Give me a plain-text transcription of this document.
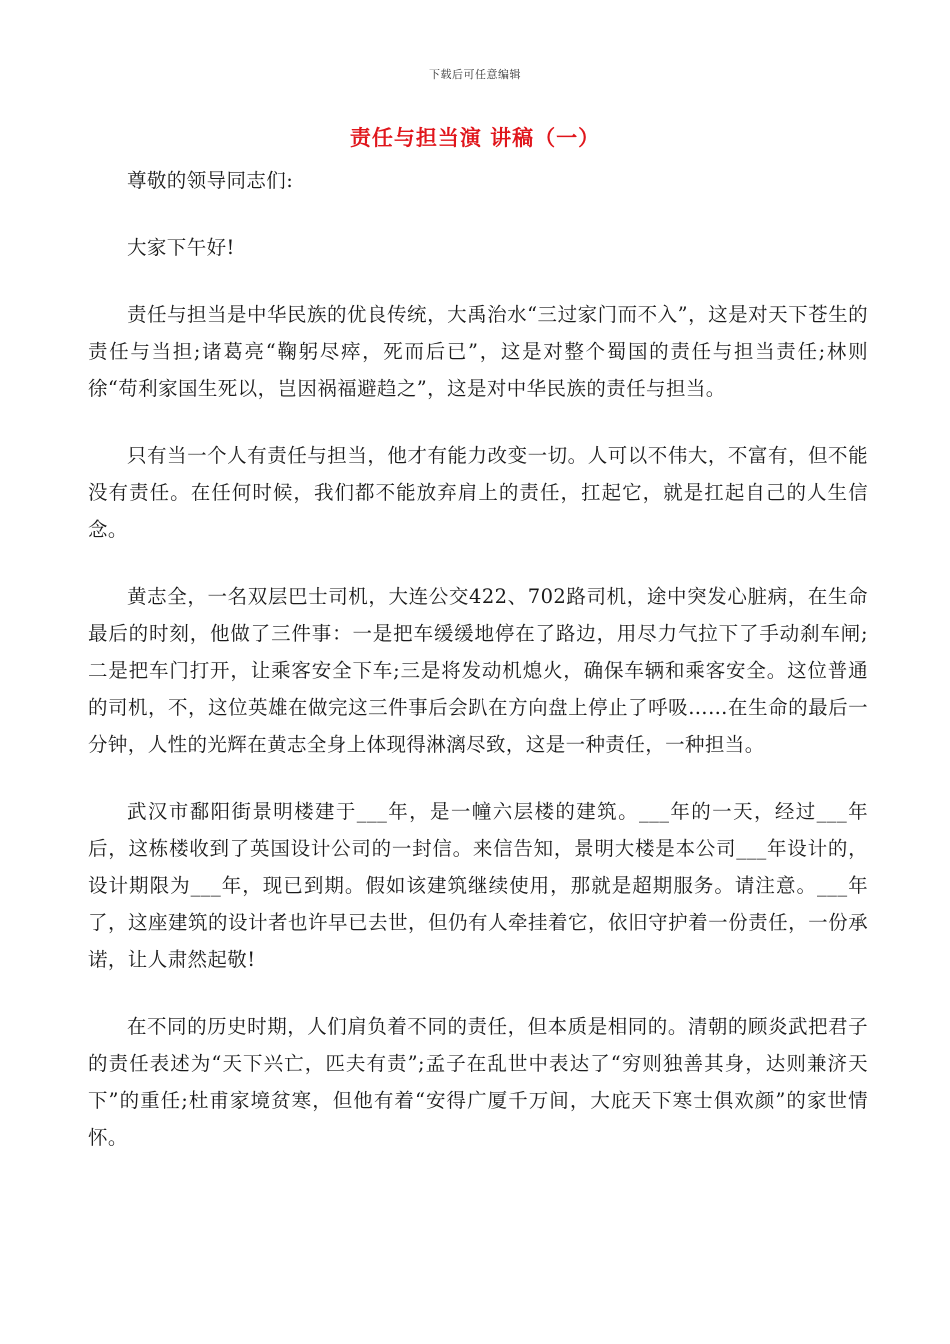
下载后可任意编辑
责任与担当演 讲稿（一）

尊敬的领导同志们:

大家下午好!

责任与担当是中华民族的优良传统，大禹治水“三过家门而不入”，这是对天下苍生的责任与当担;诸葛亮“鞠躬尽瘁，死而后已”，这是对整个蜀国的责任与担当责任;林则徐“苟利家国生死以，岂因祸福避趋之”，这是对中华民族的责任与担当。

只有当一个人有责任与担当，他才有能力改变一切。人可以不伟大，不富有，但不能没有责任。在任何时候，我们都不能放弃肩上的责任，扛起它，就是扛起自己的人生信念。

黄志全，一名双层巴士司机，大连公交422、702路司机，途中突发心脏病，在生命最后的时刻，他做了三件事：一是把车缓缓地停在了路边，用尽力气拉下了手动刹车闸;二是把车门打开，让乘客安全下车;三是将发动机熄火，确保车辆和乘客安全。这位普通的司机，不，这位英雄在做完这三件事后会趴在方向盘上停止了呼吸……在生命的最后一分钟，人性的光辉在黄志全身上体现得淋漓尽致，这是一种责任，一种担当。

武汉市鄱阳街景明楼建于___年，是一幢六层楼的建筑。___年的一天，经过___年后，这栋楼收到了英国设计公司的一封信。来信告知，景明大楼是本公司___年设计的，设计期限为___年，现已到期。假如该建筑继续使用，那就是超期服务。请注意。___年了，这座建筑的设计者也许早已去世，但仍有人牵挂着它，依旧守护着一份责任，一份承诺，让人肃然起敬!

在不同的历史时期，人们肩负着不同的责任，但本质是相同的。清朝的顾炎武把君子的责任表述为“天下兴亡，匹夫有责”;孟子在乱世中表达了“穷则独善其身，达则兼济天下”的重任;杜甫家境贫寒，但他有着“安得广厦千万间，大庇天下寒士俱欢颜”的家世情怀。
